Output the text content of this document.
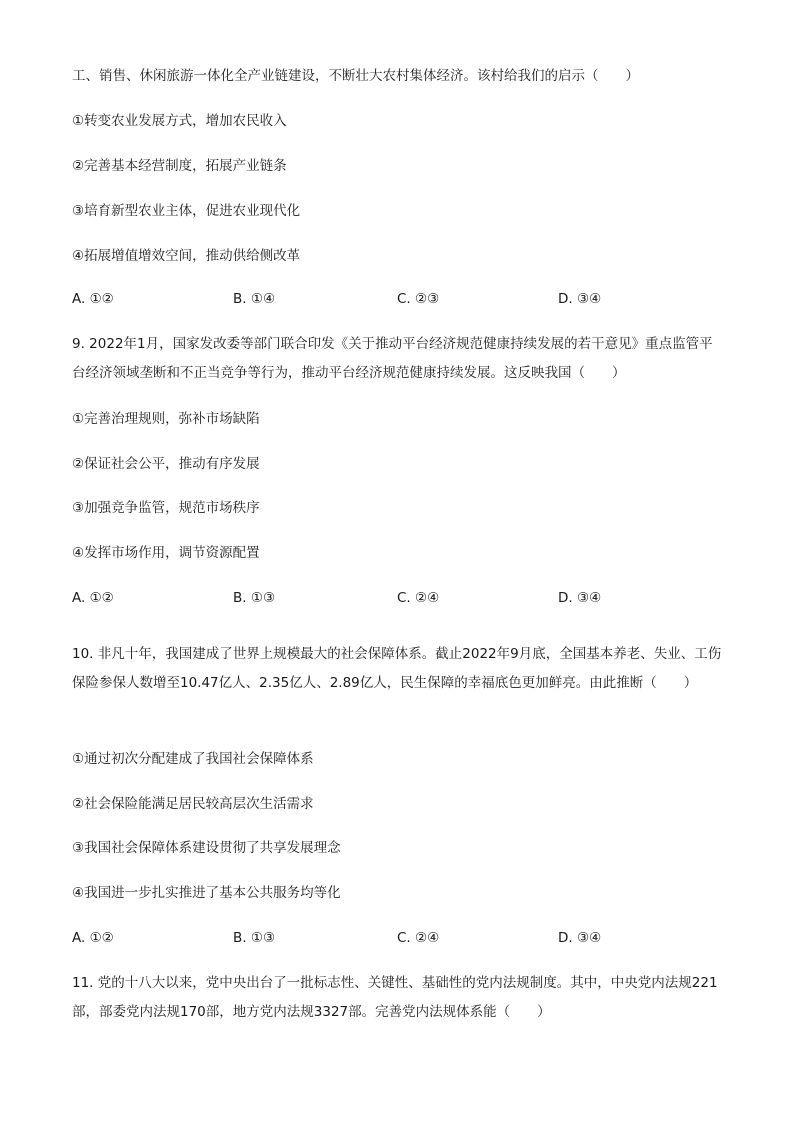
工、销售、休闲旅游一体化全产业链建设，不断壮大农村集体经济。该村给我们的启示（　　）
①转变农业发展方式，增加农民收入
②完善基本经营制度，拓展产业链条
③培育新型农业主体，促进农业现代化
④拓展增值增效空间，推动供给侧改革
A. ①②	B. ①④	C. ②③	D. ③④
9. 2022年1月，国家发改委等部门联合印发《关于推动平台经济规范健康持续发展的若干意见》重点监管平台经济领域垄断和不正当竞争等行为，推动平台经济规范健康持续发展。这反映我国（　　）
①完善治理规则，弥补市场缺陷
②保证社会公平，推动有序发展
③加强竞争监管，规范市场秩序
④发挥市场作用，调节资源配置
A. ①②	B. ①③	C. ②④	D. ③④
10. 非凡十年，我国建成了世界上规模最大的社会保障体系。截止2022年9月底，全国基本养老、失业、工伤保险参保人数增至10.47亿人、2.35亿人、2.89亿人，民生保障的幸福底色更加鲜亮。由此推断（　　）
①通过初次分配建成了我国社会保障体系
②社会保险能满足居民较高层次生活需求
③我国社会保障体系建设贯彻了共享发展理念
④我国进一步扎实推进了基本公共服务均等化
A. ①②	B. ①③	C. ②④	D. ③④
11. 党的十八大以来，党中央出台了一批标志性、关键性、基础性的党内法规制度。其中，中央党内法规221部，部委党内法规170部，地方党内法规3327部。完善党内法规体系能（　　）
